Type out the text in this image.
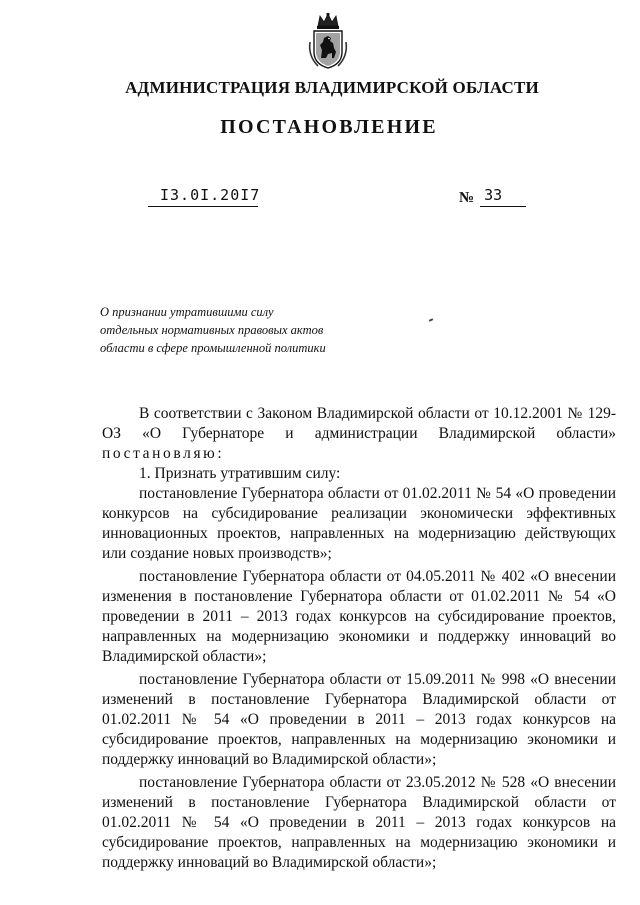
АДМИНИСТРАЦИЯ ВЛАДИМИРСКОЙ ОБЛАСТИ
ПОСТАНОВЛЕНИЕ
I3.0I.20I7	№ 33
О признании утратившими силу
отдельных нормативных правовых актов
области в сфере промышленной политики

В соответствии с Законом Владимирской области от 10.12.2001 № 129-ОЗ «О Губернаторе и администрации Владимирской области» постановляю:

1. Признать утратившим силу:

постановление Губернатора области от 01.02.2011 № 54 «О проведении конкурсов на субсидирование реализации экономически эффективных инновационных проектов, направленных на модернизацию действующих или создание новых производств»;

постановление Губернатора области от 04.05.2011 № 402 «О внесении изменения в постановление Губернатора области от 01.02.2011 № 54 «О проведении в 2011 – 2013 годах конкурсов на субсидирование проектов, направленных на модернизацию экономики и поддержку инноваций во Владимирской области»;

постановление Губернатора области от 15.09.2011 № 998 «О внесении изменений в постановление Губернатора Владимирской области от 01.02.2011 № 54 «О проведении в 2011 – 2013 годах конкурсов на субсидирование проектов, направленных на модернизацию экономики и поддержку инноваций во Владимирской области»;

постановление Губернатора области от 23.05.2012 № 528 «О внесении изменений в постановление Губернатора Владимирской области от 01.02.2011 № 54 «О проведении в 2011 – 2013 годах конкурсов на субсидирование проектов, направленных на модернизацию экономики и поддержку инноваций во Владимирской области»;
